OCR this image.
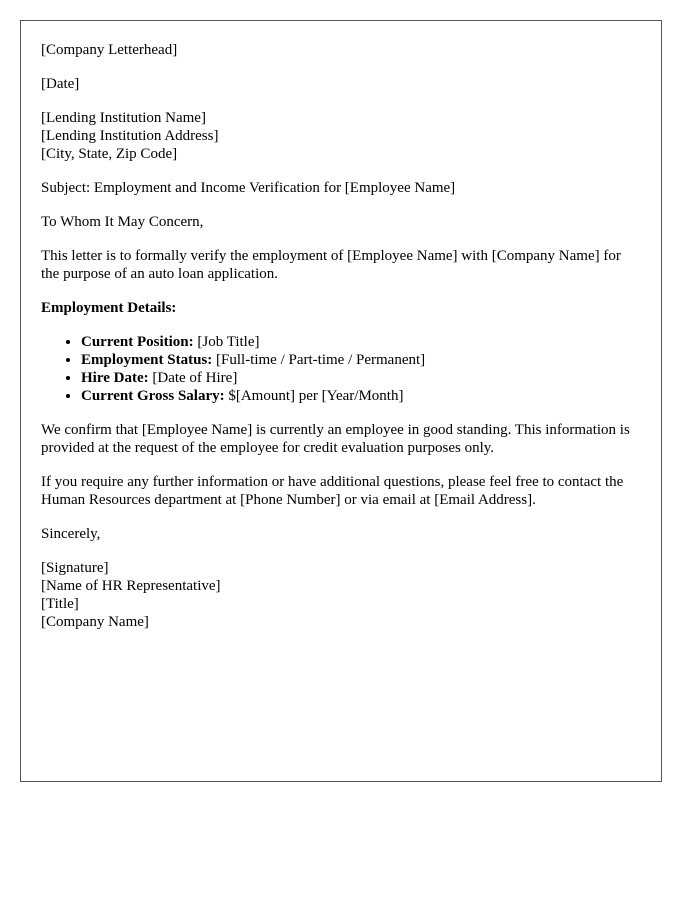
[Company Letterhead]
[Date]
[Lending Institution Name]
[Lending Institution Address]
[City, State, Zip Code]
Subject: Employment and Income Verification for [Employee Name]
To Whom It May Concern,
This letter is to formally verify the employment of [Employee Name] with [Company Name] for the purpose of an auto loan application.
Employment Details:
• Current Position: [Job Title]
• Employment Status: [Full-time / Part-time / Permanent]
• Hire Date: [Date of Hire]
• Current Gross Salary: $[Amount] per [Year/Month]
We confirm that [Employee Name] is currently an employee in good standing. This information is provided at the request of the employee for credit evaluation purposes only.
If you require any further information or have additional questions, please feel free to contact the Human Resources department at [Phone Number] or via email at [Email Address].
Sincerely,
[Signature]
[Name of HR Representative]
[Title]
[Company Name]
